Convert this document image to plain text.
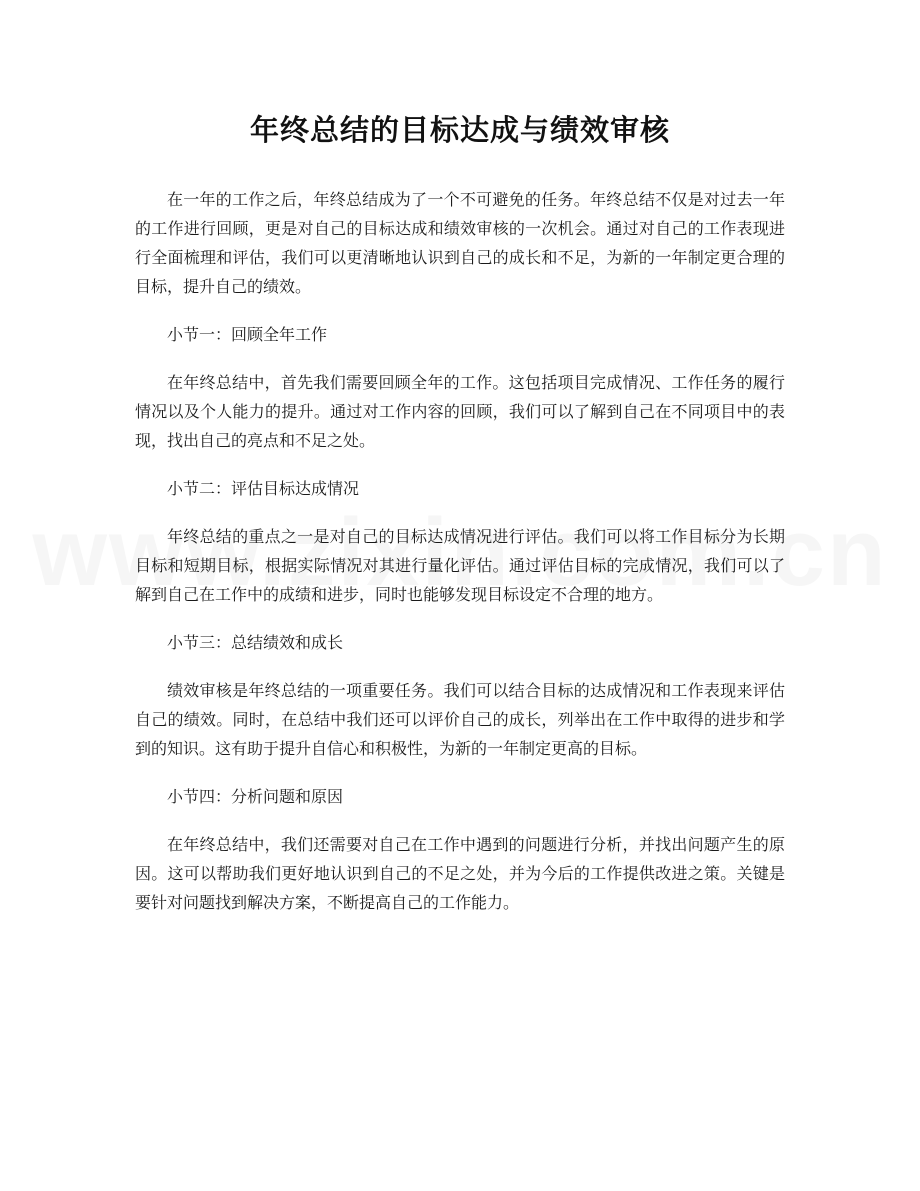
年终总结的目标达成与绩效审核

在一年的工作之后，年终总结成为了一个不可避免的任务。年终总结不仅是对过去一年的工作进行回顾，更是对自己的目标达成和绩效审核的一次机会。通过对自己的工作表现进行全面梳理和评估，我们可以更清晰地认识到自己的成长和不足，为新的一年制定更合理的目标，提升自己的绩效。

小节一：回顾全年工作

在年终总结中，首先我们需要回顾全年的工作。这包括项目完成情况、工作任务的履行情况以及个人能力的提升。通过对工作内容的回顾，我们可以了解到自己在不同项目中的表现，找出自己的亮点和不足之处。

小节二：评估目标达成情况

年终总结的重点之一是对自己的目标达成情况进行评估。我们可以将工作目标分为长期目标和短期目标，根据实际情况对其进行量化评估。通过评估目标的完成情况，我们可以了解到自己在工作中的成绩和进步，同时也能够发现目标设定不合理的地方。

小节三：总结绩效和成长

绩效审核是年终总结的一项重要任务。我们可以结合目标的达成情况和工作表现来评估自己的绩效。同时，在总结中我们还可以评价自己的成长，列举出在工作中取得的进步和学到的知识。这有助于提升自信心和积极性，为新的一年制定更高的目标。

小节四：分析问题和原因

在年终总结中，我们还需要对自己在工作中遇到的问题进行分析，并找出问题产生的原因。这可以帮助我们更好地认识到自己的不足之处，并为今后的工作提供改进之策。关键是要针对问题找到解决方案，不断提高自己的工作能力。
